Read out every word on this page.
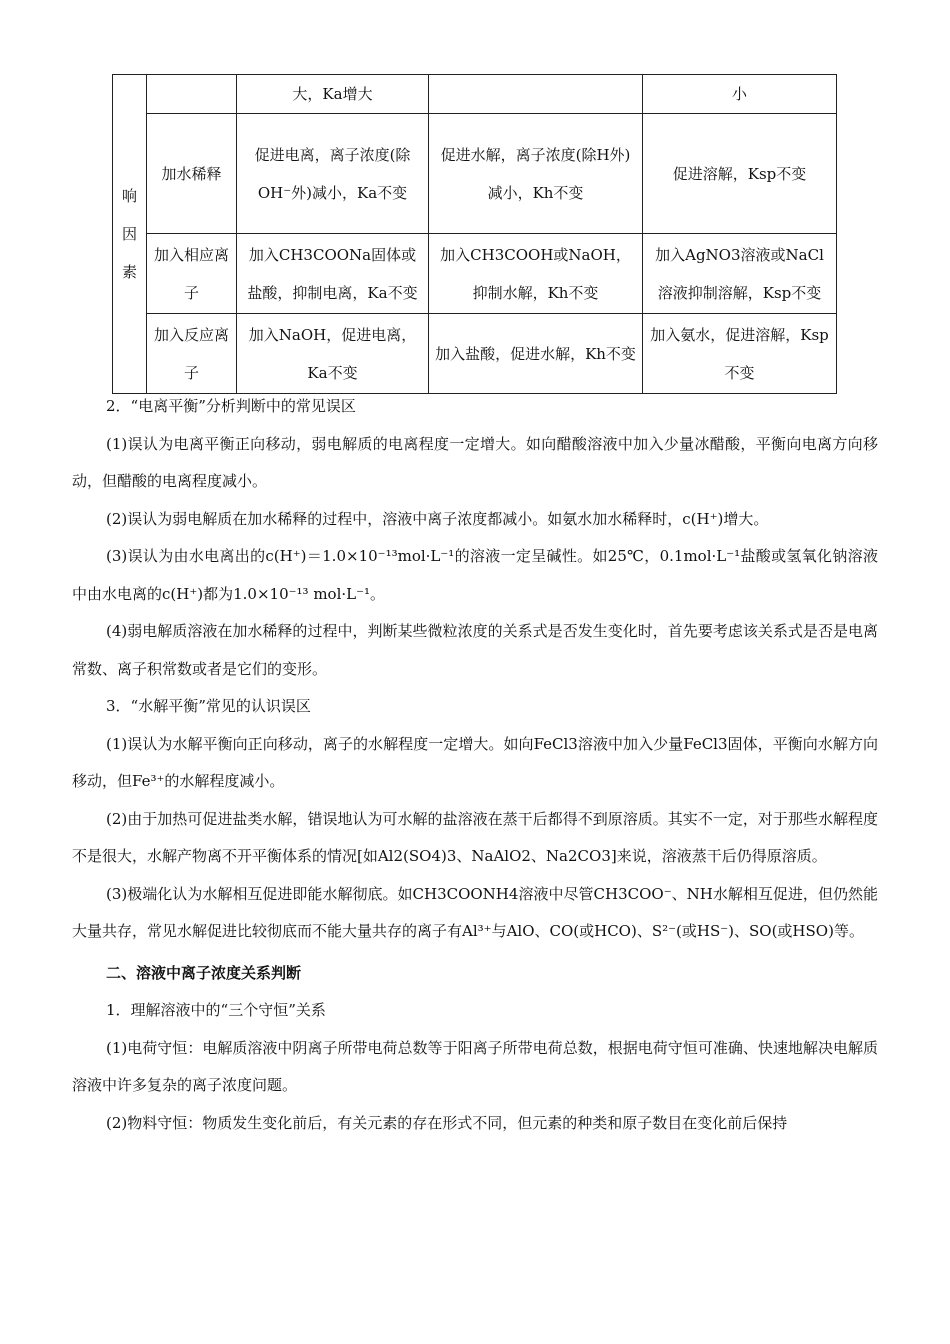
响
因
素		大，Ka增大		小
	加水稀释	促进电离，离子浓度(除OH⁻外)减小，Ka不变	促进水解，离子浓度(除H外)减小，Kh不变	促进溶解，Ksp不变
	加入相应离子	加入CH3COONa固体或盐酸，抑制电离，Ka不变	加入CH3COOH或NaOH，抑制水解，Kh不变	加入AgNO3溶液或NaCl溶液抑制溶解，Ksp不变
	加入反应离子	加入NaOH，促进电离，Ka不变	加入盐酸，促进水解，Kh不变	加入氨水，促进溶解，Ksp不变

2．“电离平衡”分析判断中的常见误区

(1)误认为电离平衡正向移动，弱电解质的电离程度一定增大。如向醋酸溶液中加入少量冰醋酸，平衡向电离方向移动，但醋酸的电离程度减小。

(2)误认为弱电解质在加水稀释的过程中，溶液中离子浓度都减小。如氨水加水稀释时，c(H⁺)增大。

(3)误认为由水电离出的c(H⁺)＝1.0×10⁻¹³mol·L⁻¹的溶液一定呈碱性。如25℃，0.1mol·L⁻¹盐酸或氢氧化钠溶液中由水电离的c(H⁺)都为1.0×10⁻¹³ mol·L⁻¹。

(4)弱电解质溶液在加水稀释的过程中，判断某些微粒浓度的关系式是否发生变化时，首先要考虑该关系式是否是电离常数、离子积常数或者是它们的变形。

3．“水解平衡”常见的认识误区

(1)误认为水解平衡向正向移动，离子的水解程度一定增大。如向FeCl3溶液中加入少量FeCl3固体，平衡向水解方向移动，但Fe³⁺的水解程度减小。

(2)由于加热可促进盐类水解，错误地认为可水解的盐溶液在蒸干后都得不到原溶质。其实不一定，对于那些水解程度不是很大，水解产物离不开平衡体系的情况[如Al2(SO4)3、NaAlO2、Na2CO3]来说，溶液蒸干后仍得原溶质。

(3)极端化认为水解相互促进即能水解彻底。如CH3COONH4溶液中尽管CH3COO⁻、NH水解相互促进，但仍然能大量共存，常见水解促进比较彻底而不能大量共存的离子有Al³⁺与AlO、CO(或HCO)、S²⁻(或HS⁻)、SO(或HSO)等。

二、溶液中离子浓度关系判断

1．理解溶液中的“三个守恒”关系

(1)电荷守恒：电解质溶液中阴离子所带电荷总数等于阳离子所带电荷总数，根据电荷守恒可准确、快速地解决电解质溶液中许多复杂的离子浓度问题。

(2)物料守恒：物质发生变化前后，有关元素的存在形式不同，但元素的种类和原子数目在变化前后保持
